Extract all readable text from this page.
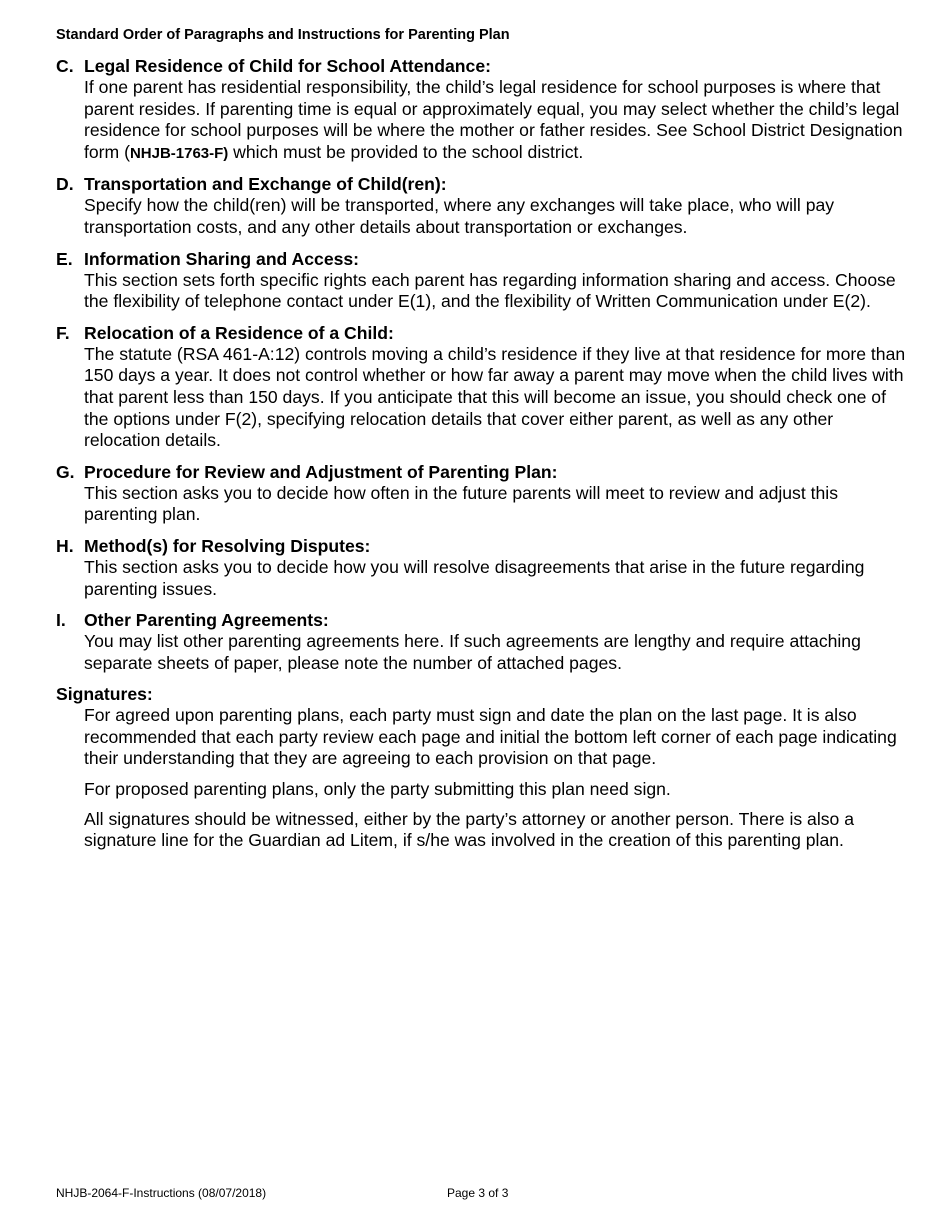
Standard Order of Paragraphs and Instructions for Parenting Plan

C. Legal Residence of Child for School Attendance:

If one parent has residential responsibility, the child’s legal residence for school purposes is where that parent resides. If parenting time is equal or approximately equal, you may select whether the child’s legal residence for school purposes will be where the mother or father resides. See School District Designation form (NHJB-1763-F) which must be provided to the school district.

D. Transportation and Exchange of Child(ren):

Specify how the child(ren) will be transported, where any exchanges will take place, who will pay transportation costs, and any other details about transportation or exchanges.

E. Information Sharing and Access:

This section sets forth specific rights each parent has regarding information sharing and access. Choose the flexibility of telephone contact under E(1), and the flexibility of Written Communication under E(2).

F. Relocation of a Residence of a Child:

The statute (RSA 461-A:12) controls moving a child’s residence if they live at that residence for more than 150 days a year. It does not control whether or how far away a parent may move when the child lives with that parent less than 150 days. If you anticipate that this will become an issue, you should check one of the options under F(2), specifying relocation details that cover either parent, as well as any other relocation details.

G. Procedure for Review and Adjustment of Parenting Plan:

This section asks you to decide how often in the future parents will meet to review and adjust this parenting plan.

H. Method(s) for Resolving Disputes:

This section asks you to decide how you will resolve disagreements that arise in the future regarding parenting issues.

I.	Other Parenting Agreements:

You may list other parenting agreements here. If such agreements are lengthy and require attaching separate sheets of paper, please note the number of attached pages.

Signatures:

For agreed upon parenting plans, each party must sign and date the plan on the last page. It is also recommended that each party review each page and initial the bottom left corner of each page indicating their understanding that they are agreeing to each provision on that page.

For proposed parenting plans, only the party submitting this plan need sign.

All signatures should be witnessed, either by the party’s attorney or another person. There is also a signature line for the Guardian ad Litem, if s/he was involved in the creation of this parenting plan.

NHJB-2064-F-Instructions (08/07/2018)	Page 3 of 3
